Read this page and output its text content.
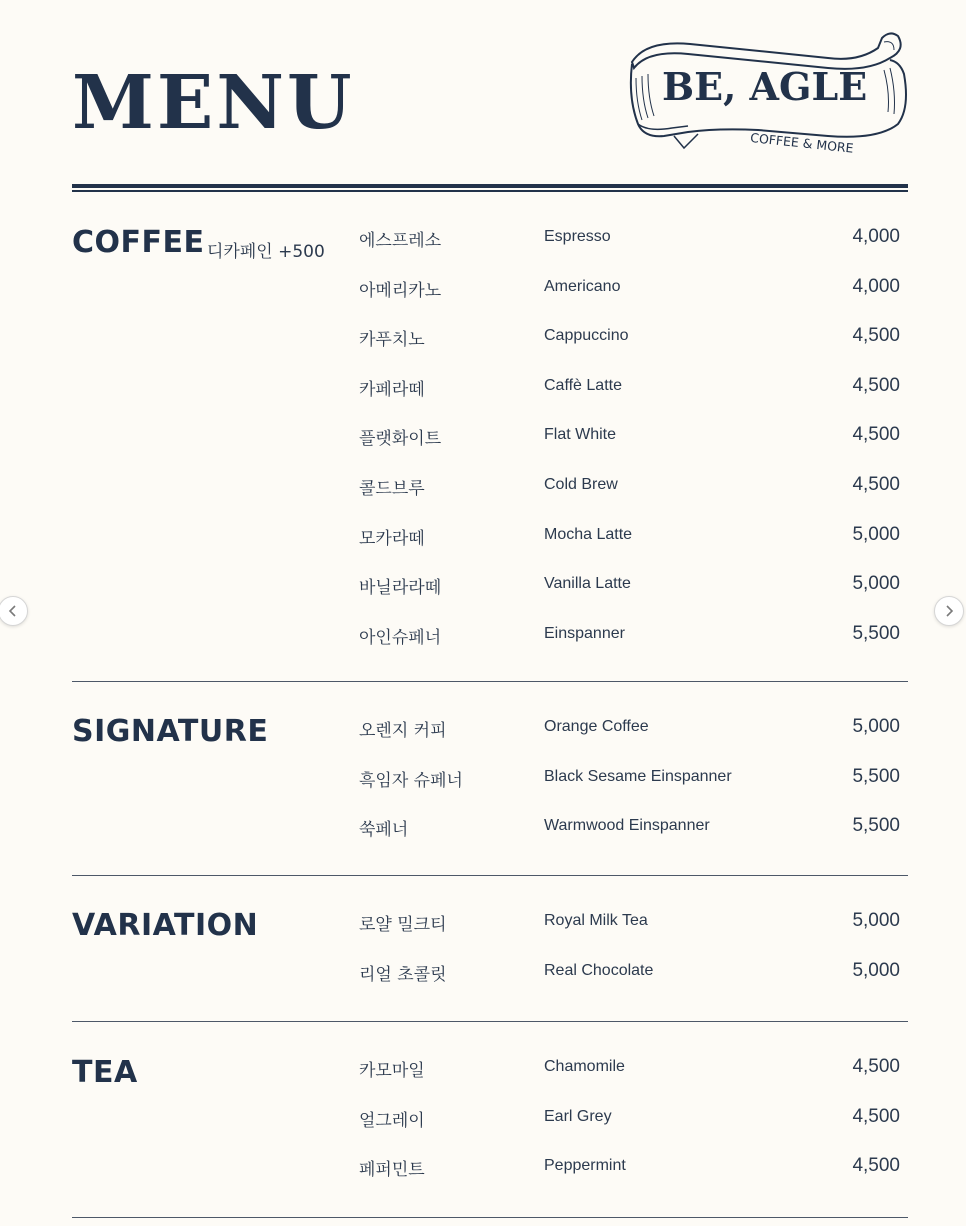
MENU	BE, AGLE
COFFEE & MORE
COFFEE 디카페인 +500
에스프레소	Espresso	4,000
아메리카노	Americano	4,000
카푸치노	Cappuccino	4,500
카페라떼	Caffè Latte	4,500
플랫화이트	Flat White	4,500
콜드브루	Cold Brew	4,500
모카라떼	Mocha Latte	5,000
바닐라라떼	Vanilla Latte	5,000
아인슈페너	Einspanner	5,500
SIGNATURE	오렌지 커피	Orange Coffee	5,000
흑임자 슈페너	Black Sesame Einspanner	5,500
쑥페너	Warmwood Einspanner	5,500
VARIATION	로얄 밀크티	Royal Milk Tea	5,000
리얼 초콜릿	Real Chocolate	5,000
TEA	카모마일	Chamomile	4,500
얼그레이	Earl Grey	4,500
페퍼민트	Peppermint	4,500
